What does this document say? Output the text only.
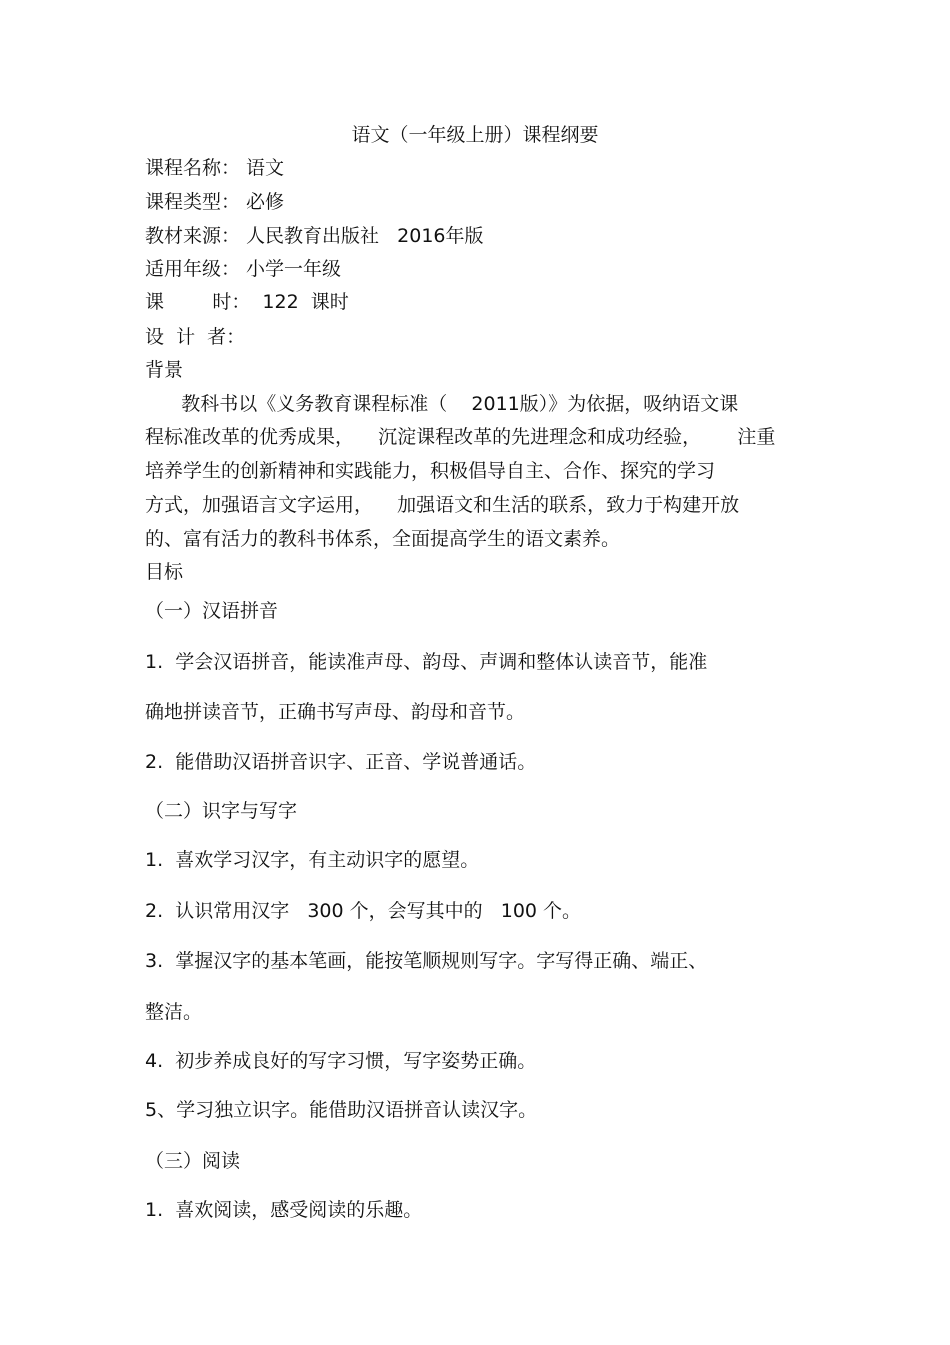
语文（一年级上册）课程纲要
课程名称： 语文
课程类型： 必修
教材来源： 人民教育出版社   2016年版
适用年级： 小学一年级
课        时：  122  课时
设  计  者：
背景
教科书以《义务教育课程标准（    2011版）》为依据，吸纳语文课
程标准改革的优秀成果，    沉淀课程改革的先进理念和成功经验，      注重
培养学生的创新精神和实践能力，积极倡导自主、合作、探究的学习
方式，加强语言文字运用，    加强语文和生活的联系，致力于构建开放
的、富有活力的教科书体系，全面提高学生的语文素养。
目标
（一）汉语拼音
1.  学会汉语拼音，能读准声母、韵母、声调和整体认读音节，能准
确地拼读音节，正确书写声母、韵母和音节。
2.  能借助汉语拼音识字、正音、学说普通话。
（二）识字与写字
1.  喜欢学习汉字，有主动识字的愿望。
2.  认识常用汉字   300 个，会写其中的   100 个。
3.  掌握汉字的基本笔画，能按笔顺规则写字。字写得正确、端正、
整洁。
4.  初步养成良好的写字习惯，写字姿势正确。
5、学习独立识字。能借助汉语拼音认读汉字。
（三）阅读
1.  喜欢阅读，感受阅读的乐趣。
